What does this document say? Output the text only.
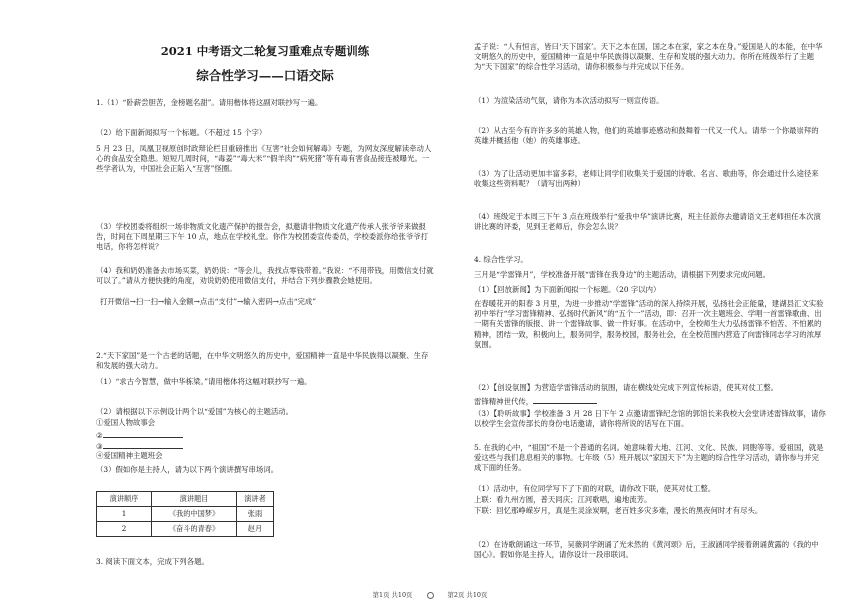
2021 中考语文二轮复习重难点专题训练
综合性学习——口语交际
1.（1）“卧薪尝胆苦，金榜题名甜”。请用楷体将这副对联抄写一遍。
（2）给下面新闻拟写一个标题。（不超过 15 个字）
5 月 23 日，凤凰卫视原创时政辩论栏目重磅推出《互害“社会如何解毒》专题，为网友深度解读牵动人心的食品安全隐患。短短几周时间，“毒姜”“毒大米”“假羊肉”“病死猪”等有毒有害食品接连被曝光。一些学者认为，中国社会正陷入“互害”怪圈。
（3）学校团委将组织一场非物质文化遗产保护的报告会，拟邀请非物质文化遗产传承人张爷爷来做报告，时间在下周星期三下午 10 点，地点在学校礼堂。你作为校团委宣传委员，学校委派你给张爷爷打电话，你将怎样说？
（4）我和奶奶准备去市场买菜，奶奶说：“等会儿，我找点零钱带着。”我说：“不用带钱，用微信支付就可以了。”请从方便快捷的角度，劝说奶奶使用微信支付，并结合下列步骤教会她使用。
打开微信→扫一扫→输入金额→点击“支付”→输入密码→点击“完成”
2.“天下家国”是一个古老的话题，在中华文明悠久的历史中，爱国精神一直是中华民族得以凝聚、生存和发展的强大动力。
（1）“求古今智慧，做中华栋梁。”请用楷体将这幅对联抄写一遍。
（2）请根据以下示例设计两个以“爱国”为核心的主题活动。
①爱国人物故事会
②
③
④爱国精神主题班会
（3）假如你是主持人，请为以下两个演讲撰写串场词。
演讲顺序	演讲题目	演讲者
1	《我的中国梦》	张雨
2	《奋斗的青春》	赵月
3. 阅读下面文本，完成下列各题。
孟子说：“人有恒言，皆曰‘天下国家’。天下之本在国，国之本在家，家之本在身。”爱国是人的本能，在中华文明悠久的历史中，爱国精神一直是中华民族得以凝聚、生存和发展的强大动力。你所在班级举行了主题为“天下国家”的综合性学习活动，请你积极参与并完成以下任务。
（1）为渲染活动气氛，请你为本次活动拟写一则宣传语。
（2）从古至今有许许多多的英雄人物，他们的英雄事迹感动和鼓舞着一代又一代人。请举一个你最崇拜的英雄并概括他（她）的英雄事迹。
（3）为了让活动更加丰富多彩，老师让同学们收集关于爱国的诗歌、名言、歌曲等，你会通过什么途径来收集这些资料呢？（请写出两种）
（4）班级定于本周三下午 3 点在班级举行“爱我中华”演讲比赛，班主任派你去邀请语文王老师担任本次演讲比赛的评委，见到王老师后，你会怎么说？
4. 综合性学习。
三月是“学雷锋月”，学校准备开展“雷锋在我身边”的主题活动，请根据下列要求完成问题。
（1）【回放新闻】为下面新闻拟一个标题。（20 字以内）
在春暖花开的阳春 3 月里，为进一步推动“学雷锋”活动的深入持续开展，弘扬社会正能量，建湖县汇文实验初中举行“学习雷锋精神、弘扬时代新风”的“五个一”活动，即：召开一次主题班会、学唱一首雷锋歌曲、出一期有关雷锋的版报、讲一个雷锋故事、做一件好事。在活动中，全校师生大力弘扬雷锋不怕苦、不怕累的精神，团结一致，积极向上，服务同学，服务校园，服务社会，在全校范围内营造了向雷锋同志学习的浓厚氛围。
（2）【创设氛围】为营造学雷锋活动的氛围，请在横线处完成下列宣传标语，使其对仗工整。
雷锋精神世代传，
（3）【聆听故事】学校准备 3 月 28 日下午 2 点邀请雷锋纪念馆的郭馆长来我校大会堂讲述雷锋故事，请你以校学生会宣传部长的身份电话邀请，请你将所说的话写在下面。
5. 在我的心中，“祖国”不是一个普通的名词。她意味着大地、江河、文化、民族、同胞等等。爱祖国，就是爱这些与我们息息相关的事物。七年级（5）班开展以“家国天下”为主题的综合性学习活动，请你参与并完成下面的任务。
（1）活动中，有位同学写下了下面的对联，请你改下联，使其对仗工整。
上联：看九州方圆，普天同庆；江河歌唱，遍地流芳。
下联：回忆那峥嵘岁月，真是生灵涂炭啊，老百姓多灾多难，漫长的黑夜何时才有尽头。
（2）在诗歌朗诵这一环节，吴薇同学朗诵了光未然的《黄河颂》后，王淑涵同学接着朗诵黄露的《我的中国心》。假如你是主持人，请你设计一段串联词。
第1页 共10页	第2页 共10页
